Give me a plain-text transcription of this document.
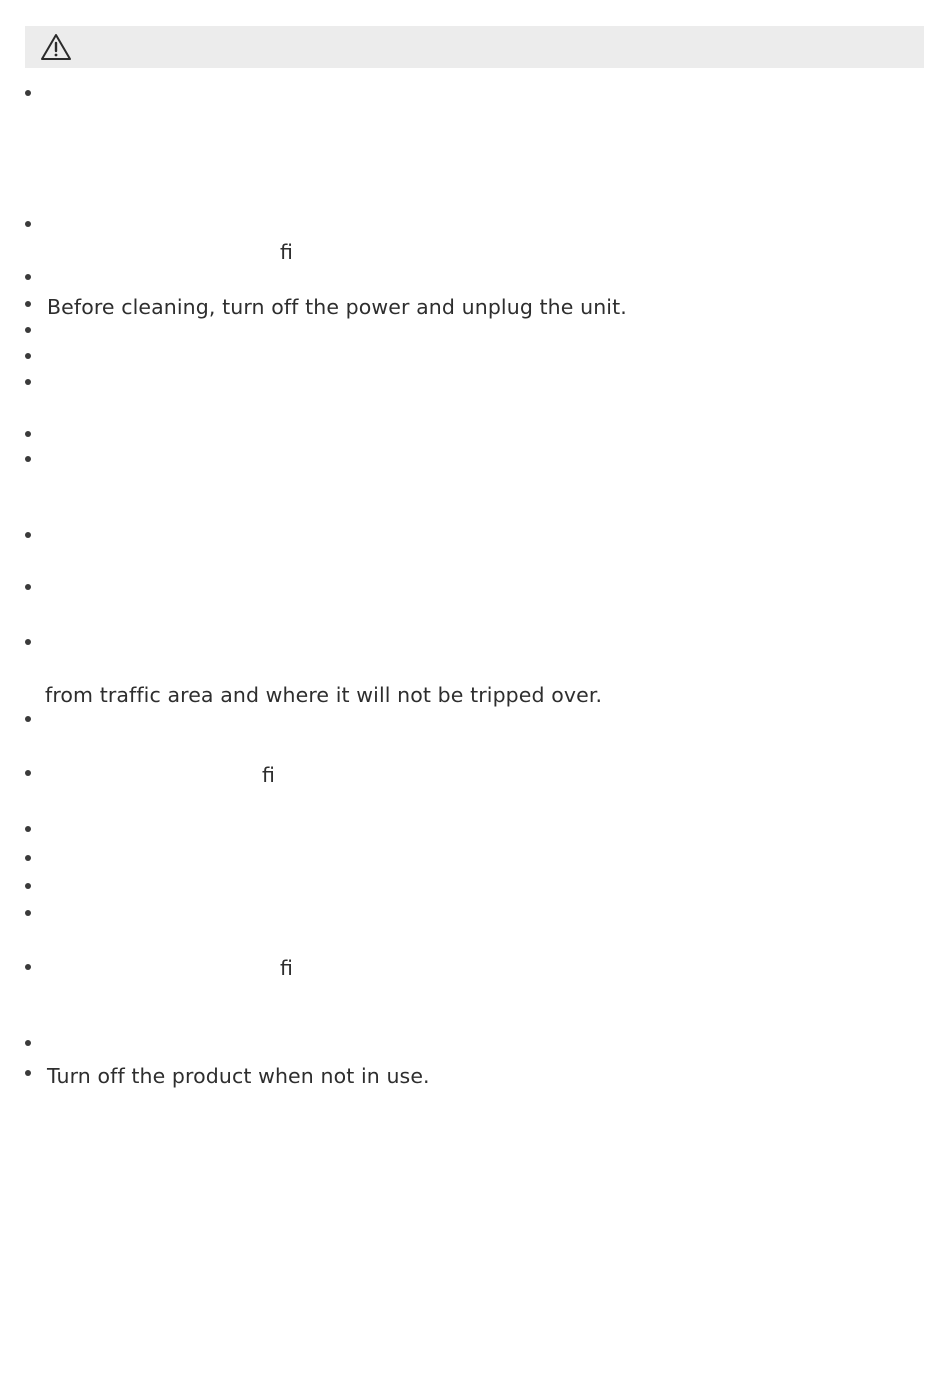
fi
Before cleaning, turn off the power and unplug the unit.
from traffic area and where it will not be tripped over.
fi
fi
Turn off the product when not in use.
